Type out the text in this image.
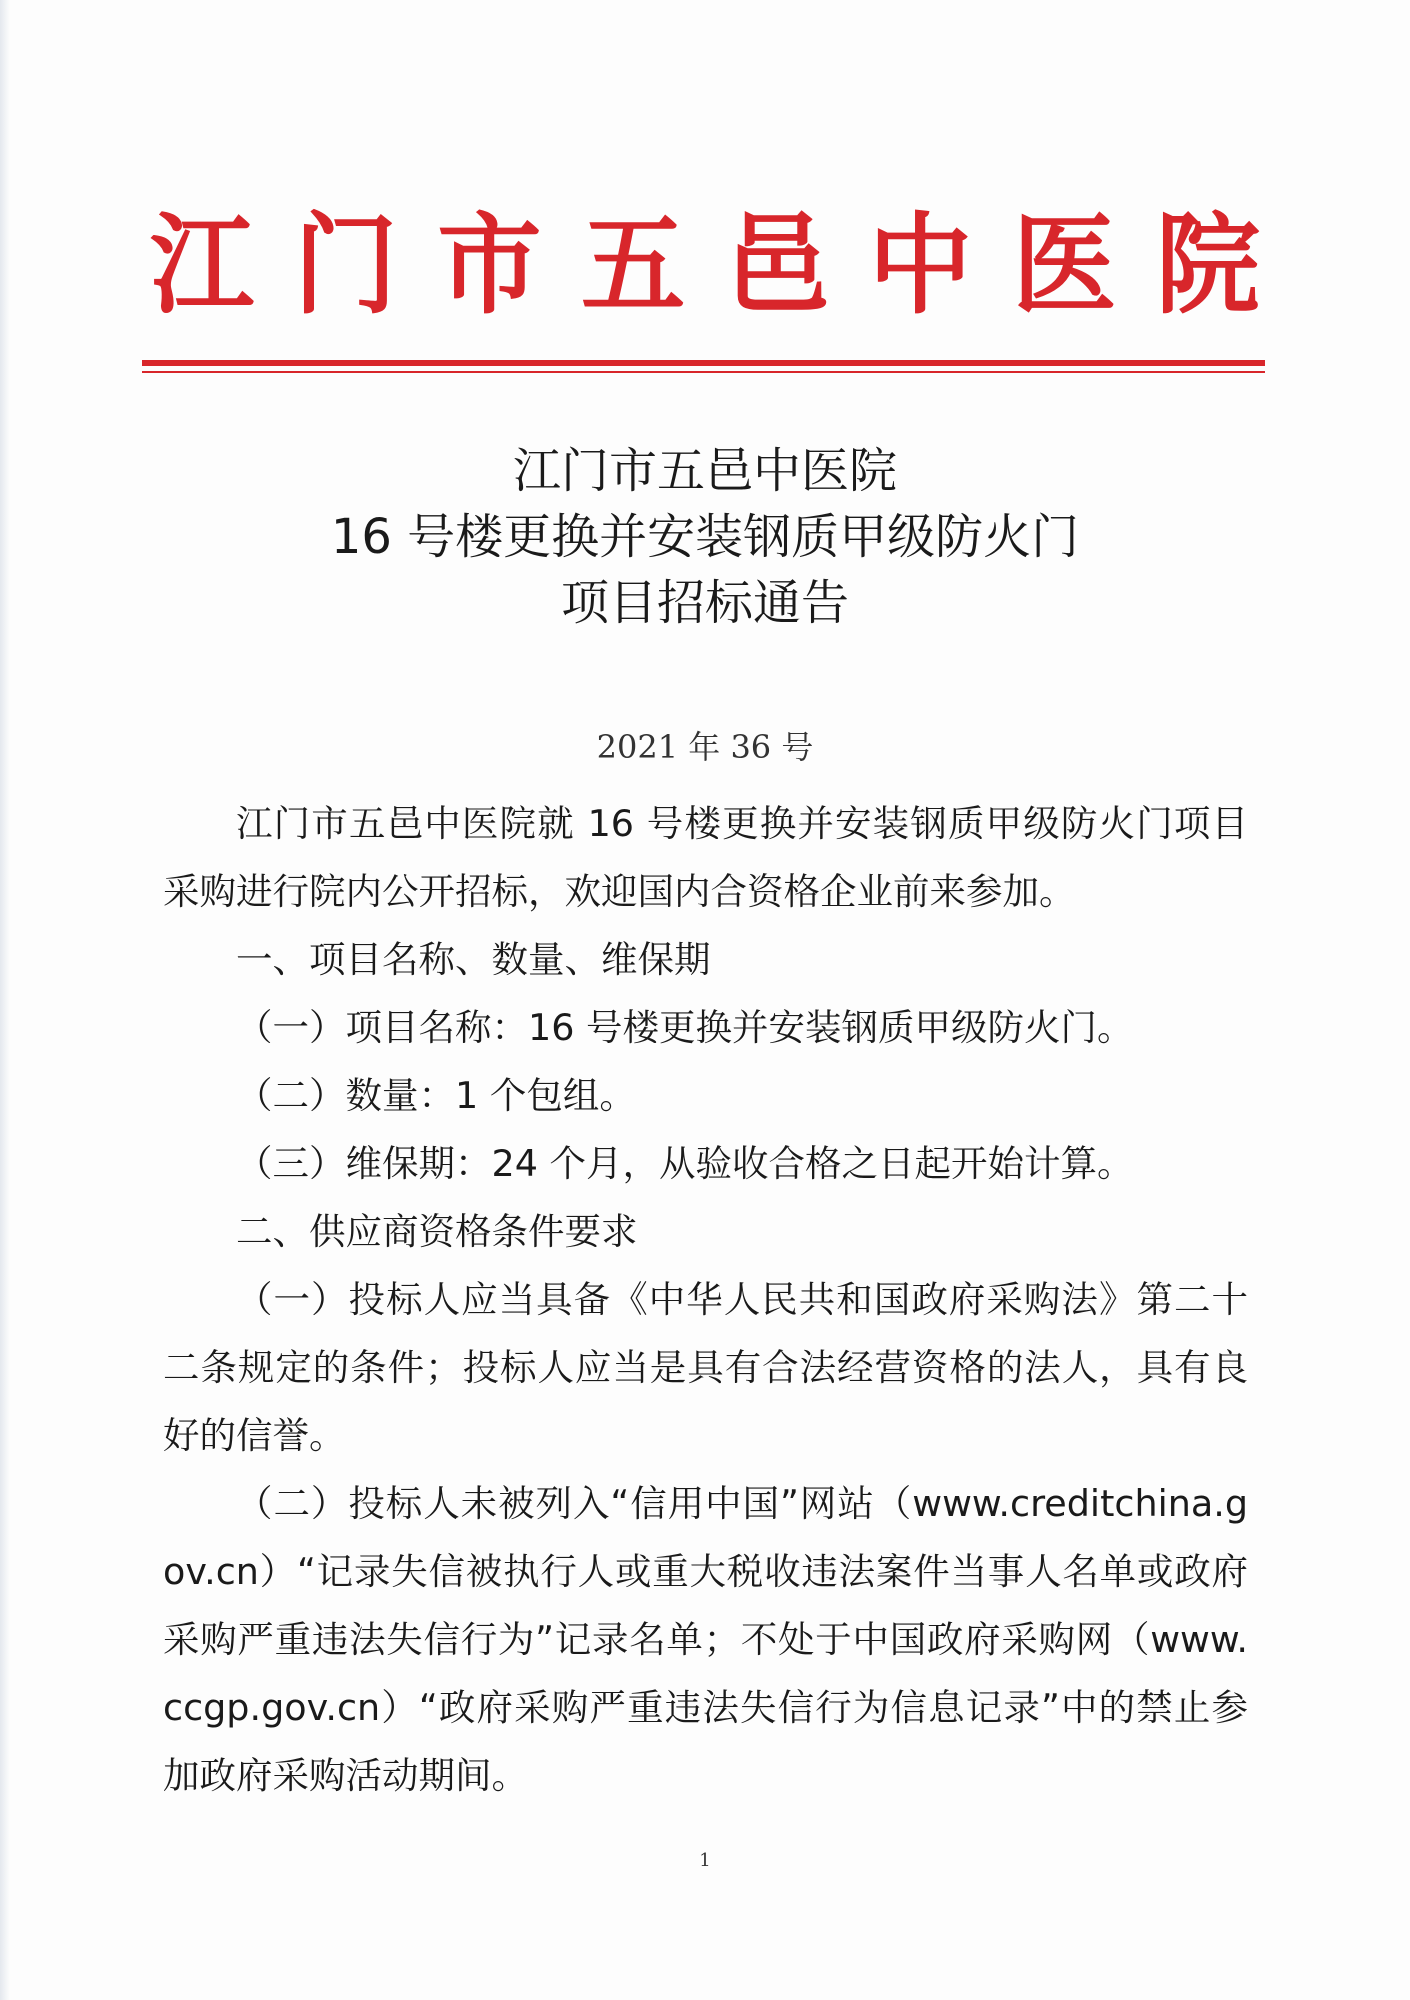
江 门 市 五 邑 中 医 院
江门市五邑中医院
16 号楼更换并安装钢质甲级防火门
项目招标通告
2021 年 36 号

江门市五邑中医院就 16 号楼更换并安装钢质甲级防火门项目采购进行院内公开招标，欢迎国内合资格企业前来参加。

一、项目名称、数量、维保期

（一）项目名称：16 号楼更换并安装钢质甲级防火门。

（二）数量：1 个包组。

（三）维保期：24 个月，从验收合格之日起开始计算。

二、供应商资格条件要求

（一）投标人应当具备《中华人民共和国政府采购法》第二十二条规定的条件；投标人应当是具有合法经营资格的法人，具有良好的信誉。

（二）投标人未被列入“信用中国”网站（www.creditchina.gov.cn）“记录失信被执行人或重大税收违法案件当事人名单或政府采购严重违法失信行为”记录名单；不处于中国政府采购网（www.ccgp.gov.cn）“政府采购严重违法失信行为信息记录”中的禁止参加政府采购活动期间。

1
